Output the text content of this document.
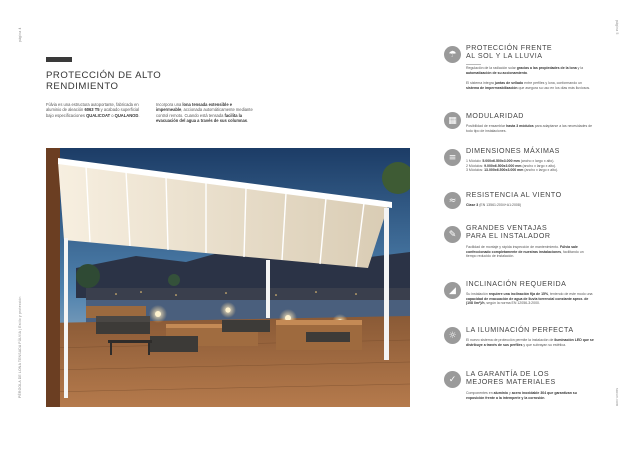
página 4
página 5
PÉRGOLA DE LONA TENSADA FÚLVIA | Estilo y protección	saxun.com
PROTECCIÓN DE ALTO RENDIMIENTO
Fúlvia es una estructura autoportante, fabricada en aluminio de aleación 6063 T5 y acabado superficial bajo especificaciones QUALICOAT o QUALANOD.
Incorpora una lona tensada extensible e impermeable, accionada automáticamente mediante control remoto. Cuando está tensada facilita la evacuación del agua a través de sus columnas.
☂
PROTECCIÓN FRENTE
AL SOL Y LA LLUVIA
Regulación de la radiación solar gracias a las propiedades de la lona y la automatización de su accionamiento.
El sistema integra juntas de sellado entre perfiles y lona, conformando un sistema de impermeabilización que asegura su uso en los días más lluviosos.
▦	MODULARIDAD
Posibilidad de ensamblar hasta 3 módulos para adaptarse a las necesidades de todo tipo de instalaciones.
≡
DIMENSIONES MÁXIMAS
1 Módulo: 5.000x6.500x3.000 mm (ancho x largo x alto).
2 Módulos: 9.000x6.500x3.000 mm (ancho x largo x alto).
3 Módulos: 13.000x6.500x3.000 mm (ancho x largo x alto).
≈
RESISTENCIA AL VIENTO
Clase 3 (EN 13561:2004+A1:2008)
✎
GRANDES VENTAJAS
PARA EL INSTALADOR
Facilidad de montaje y rápida inspección de mantenimiento. Fúlvia sale confeccionado completamente de nuestras instalaciones, facilitando un tiempo reducido de instalación.
◢
INCLINACIÓN REQUERIDA
Su instalación requiere una inclinación fija de 15%, teniendo de este modo una capacidad de evacuación de agua de lluvia torrencial constante aprox. de (108 l/m²)/h, según la norma EN 12056-3:2000.
☼
LA ILUMINACIÓN PERFECTA
El nuevo sistema de protección permite la instalación de iluminación LED que se distribuye a través de sus perfiles y que subrayan su estética.
✓
LA GARANTÍA DE LOS
MEJORES MATERIALES
Componentes en aluminio y acero inoxidable 304 que garantizan su exposición frente a la intemperie y la corrosión.
